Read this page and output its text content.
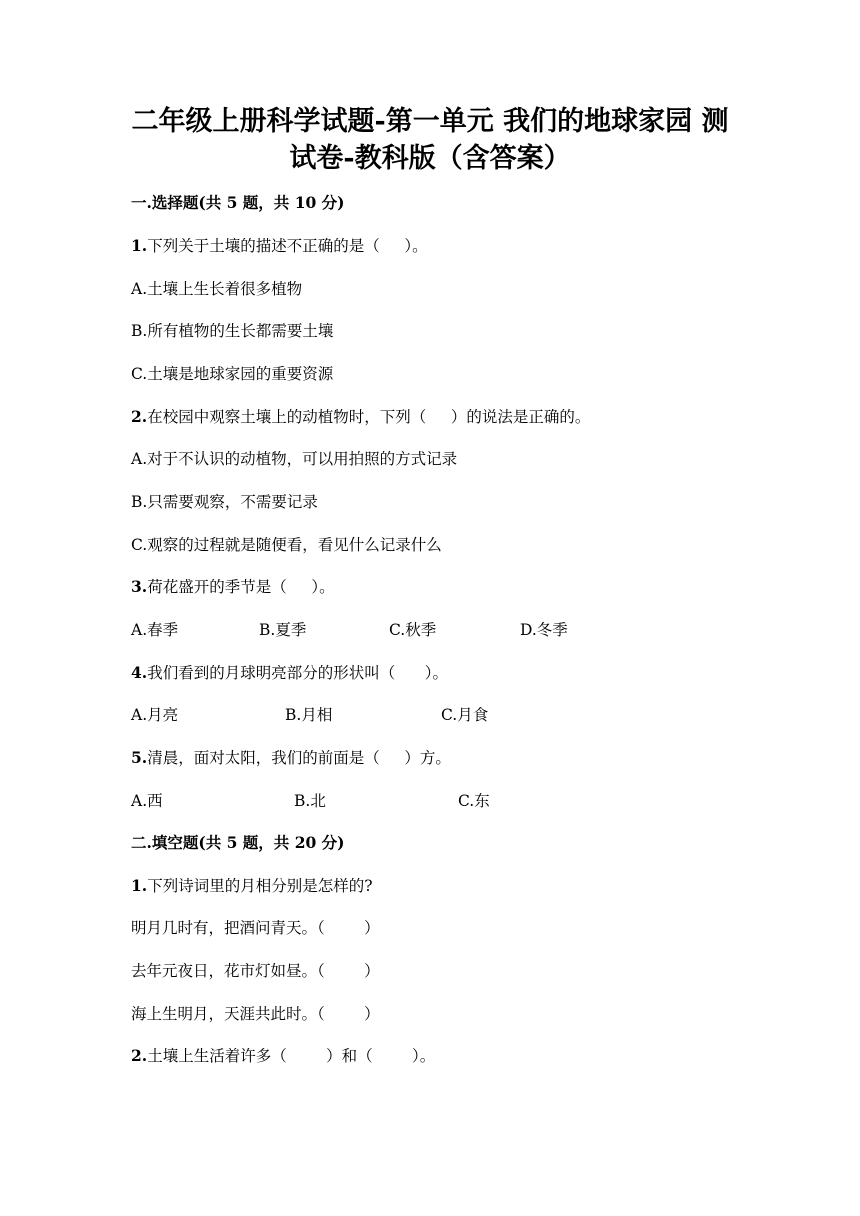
二年级上册科学试题-第一单元 我们的地球家园 测
试卷-教科版（含答案）

一.选择题(共 5 题，共 10 分)

1.下列关于土壤的描述不正确的是（     ）。

A.土壤上生长着很多植物

B.所有植物的生长都需要土壤

C.土壤是地球家园的重要资源

2.在校园中观察土壤上的动植物时，下列（     ）的说法是正确的。

A.对于不认识的动植物，可以用拍照的方式记录

B.只需要观察，不需要记录

C.观察的过程就是随便看，看见什么记录什么

3.荷花盛开的季节是（     ）。

A.春季	B.夏季	C.秋季	D.冬季

4.我们看到的月球明亮部分的形状叫（      ）。

A.月亮	B.月相	C.月食

5.清晨，面对太阳，我们的前面是（     ）方。

A.西	B.北	C.东

二.填空题(共 5 题，共 20 分)

1.下列诗词里的月相分别是怎样的?

明月几时有，把酒问青天。（        ）

去年元夜日，花市灯如昼。（        ）

海上生明月，天涯共此时。（        ）

2.土壤上生活着许多（        ）和（        ）。
